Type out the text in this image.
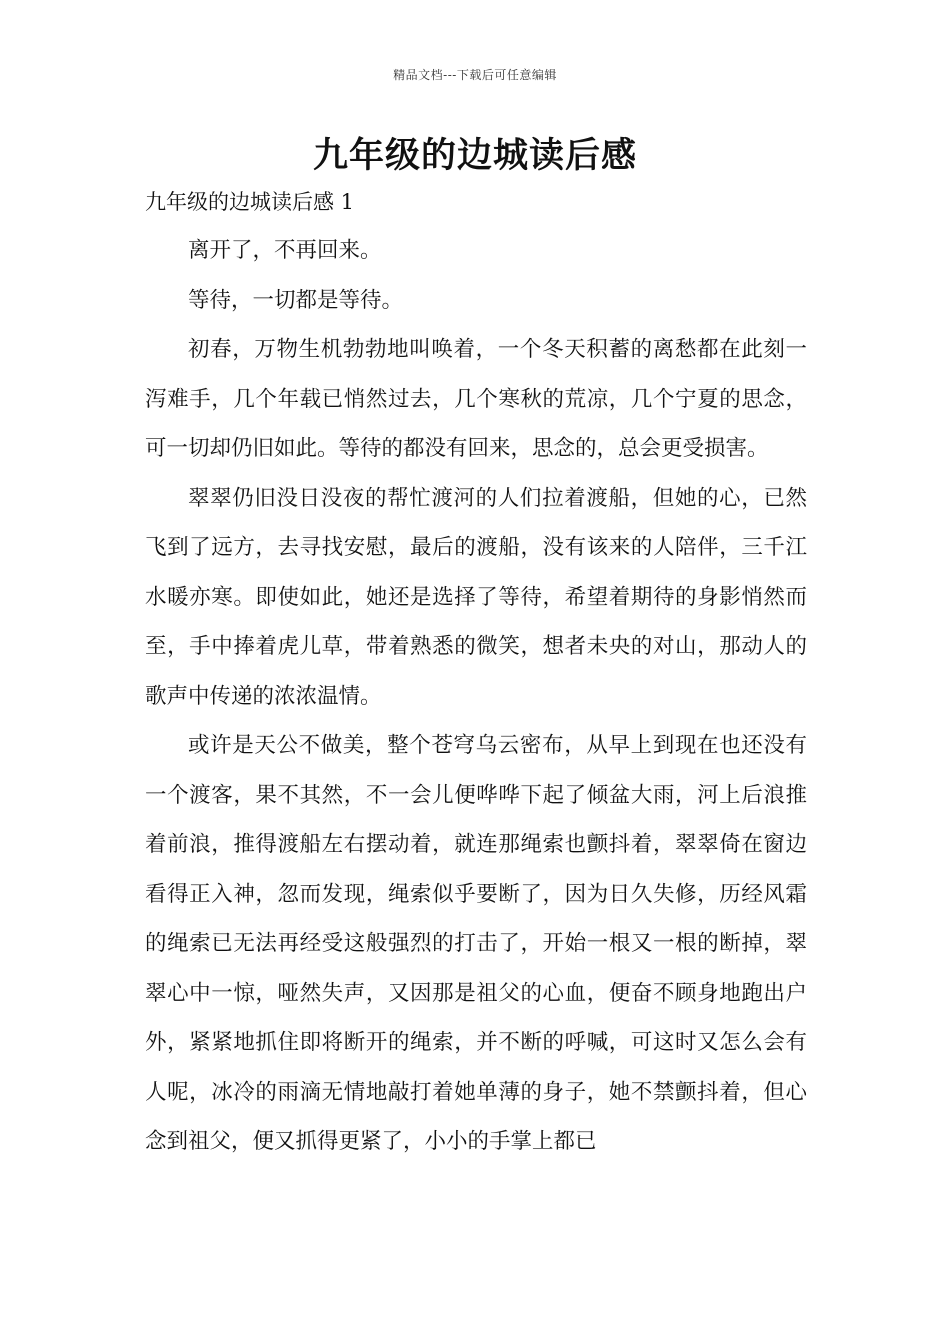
精品文档---下载后可任意编辑
九年级的边城读后感
九年级的边城读后感 1

离开了，不再回来。

等待，一切都是等待。

初春，万物生机勃勃地叫唤着，一个冬天积蓄的离愁都在此刻一泻难手，几个年载已悄然过去，几个寒秋的荒凉，几个宁夏的思念，可一切却仍旧如此。等待的都没有回来，思念的，总会更受损害。

翠翠仍旧没日没夜的帮忙渡河的人们拉着渡船，但她的心，已然飞到了远方，去寻找安慰，最后的渡船，没有该来的人陪伴，三千江水暖亦寒。即使如此，她还是选择了等待，希望着期待的身影悄然而至，手中捧着虎儿草，带着熟悉的微笑，想者未央的对山，那动人的歌声中传递的浓浓温情。

或许是天公不做美，整个苍穹乌云密布，从早上到现在也还没有一个渡客，果不其然，不一会儿便哗哗下起了倾盆大雨，河上后浪推着前浪，推得渡船左右摆动着，就连那绳索也颤抖着，翠翠倚在窗边看得正入神，忽而发现，绳索似乎要断了，因为日久失修，历经风霜的绳索已无法再经受这般强烈的打击了，开始一根又一根的断掉，翠翠心中一惊，哑然失声，又因那是祖父的心血，便奋不顾身地跑出户外，紧紧地抓住即将断开的绳索，并不断的呼喊，可这时又怎么会有人呢，冰冷的雨滴无情地敲打着她单薄的身子，她不禁颤抖着，但心念到祖父，便又抓得更紧了，小小的手掌上都已
